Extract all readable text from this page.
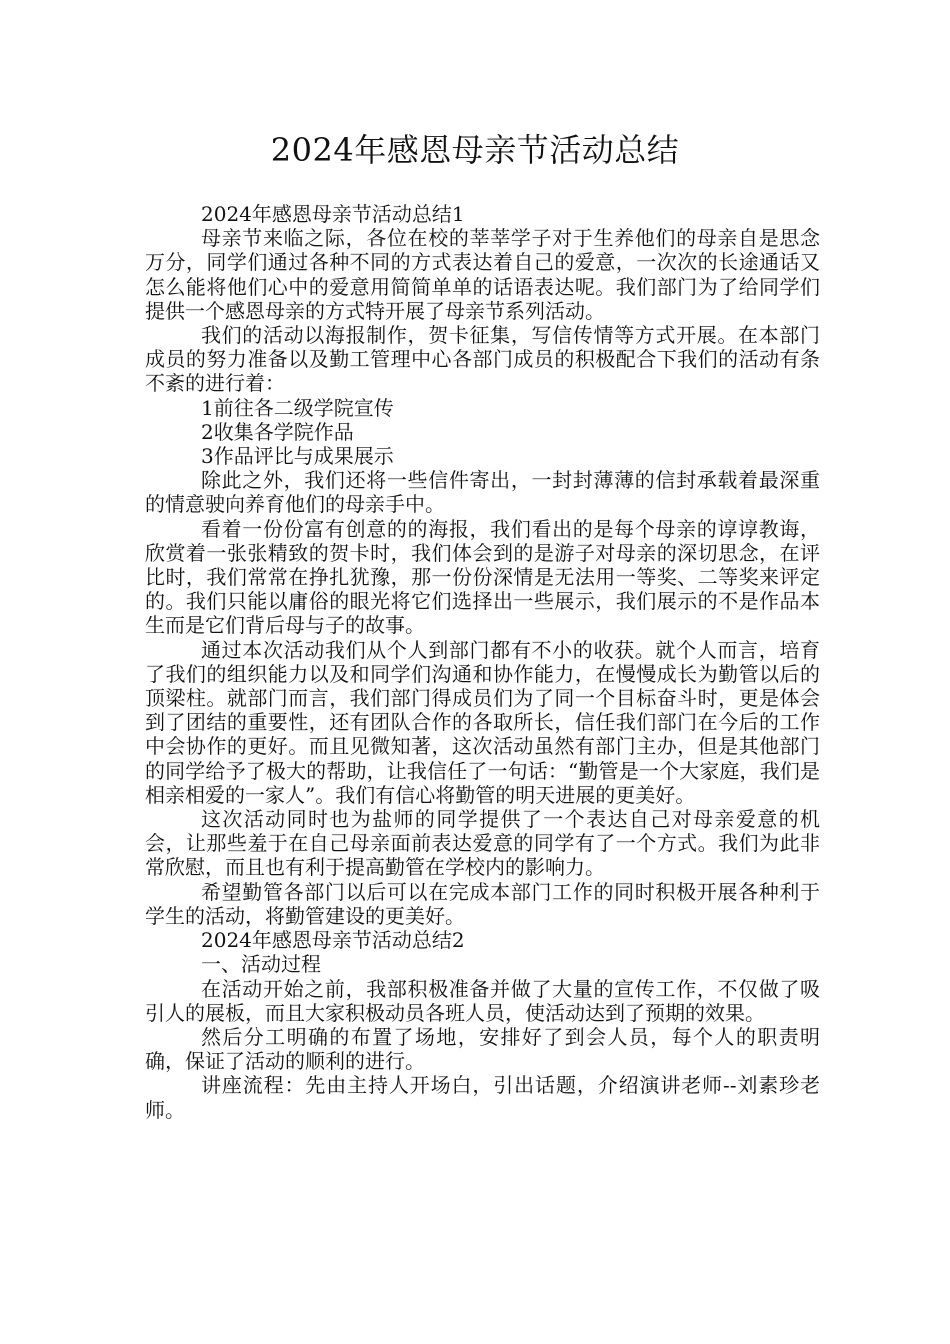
2024年感恩母亲节活动总结

2024年感恩母亲节活动总结1

母亲节来临之际，各位在校的莘莘学子对于生养他们的母亲自是思念万分，同学们通过各种不同的方式表达着自己的爱意，一次次的长途通话又怎么能将他们心中的爱意用简简单单的话语表达呢。我们部门为了给同学们提供一个感恩母亲的方式特开展了母亲节系列活动。

我们的活动以海报制作，贺卡征集，写信传情等方式开展。在本部门成员的努力准备以及勤工管理中心各部门成员的积极配合下我们的活动有条不紊的进行着：

1前往各二级学院宣传

2收集各学院作品

3作品评比与成果展示

除此之外，我们还将一些信件寄出，一封封薄薄的信封承载着最深重的情意驶向养育他们的母亲手中。

看着一份份富有创意的的海报，我们看出的是每个母亲的谆谆教诲，欣赏着一张张精致的贺卡时，我们体会到的是游子对母亲的深切思念，在评比时，我们常常在挣扎犹豫，那一份份深情是无法用一等奖、二等奖来评定的。我们只能以庸俗的眼光将它们选择出一些展示，我们展示的不是作品本生而是它们背后母与子的故事。

通过本次活动我们从个人到部门都有不小的收获。就个人而言，培育了我们的组织能力以及和同学们沟通和协作能力，在慢慢成长为勤管以后的顶梁柱。就部门而言，我们部门得成员们为了同一个目标奋斗时，更是体会到了团结的重要性，还有团队合作的各取所长，信任我们部门在今后的工作中会协作的更好。而且见微知著，这次活动虽然有部门主办，但是其他部门的同学给予了极大的帮助，让我信任了一句话：“勤管是一个大家庭，我们是相亲相爱的一家人”。我们有信心将勤管的明天进展的更美好。

这次活动同时也为盐师的同学提供了一个表达自己对母亲爱意的机会，让那些羞于在自己母亲面前表达爱意的同学有了一个方式。我们为此非常欣慰，而且也有利于提高勤管在学校内的影响力。

希望勤管各部门以后可以在完成本部门工作的同时积极开展各种利于学生的活动，将勤管建设的更美好。

2024年感恩母亲节活动总结2

一、活动过程

在活动开始之前，我部积极准备并做了大量的宣传工作，不仅做了吸引人的展板，而且大家积极动员各班人员，使活动达到了预期的效果。

然后分工明确的布置了场地，安排好了到会人员，每个人的职责明确，保证了活动的顺利的进行。

讲座流程：先由主持人开场白，引出话题，介绍演讲老师--刘素珍老师。
